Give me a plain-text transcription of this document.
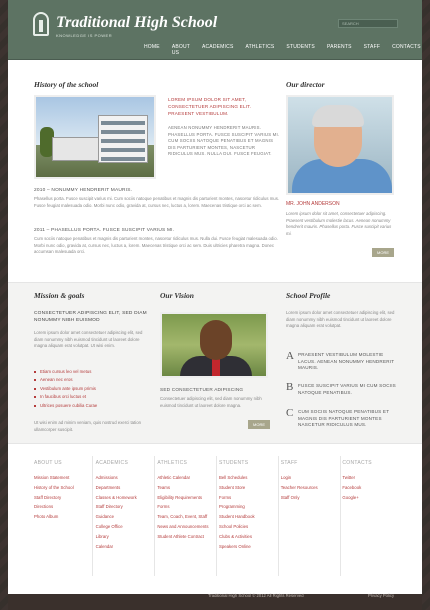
Traditional High School
KNOWLEDGE IS POWER
SEARCH
HOME	ABOUT US
ACADEMICS	ATHLETICS	STUDENTS	PARENTS	STAFF	CONTACTS
History of the school
LOREM IPSUM DOLOR SIT AMET, CONSECTETUER ADIPISCING ELIT. PRAESENT VESTIBULUM.
AENEAN NONUMMY HENDRERIT MAURIS. PHASELLUS PORTA. FUSCE SUSCIPIT VARIUS MI. CUM SOCIIS NATOQUE PENATIBUS ET MAGNIS DIS PARTURIENT MONTES, NASCETUR RIDICULUS MUS. NULLA DUI. FUSCE FEUGIAT.
2010 – NONUMMY HENDRERIT MAURIS.
Phasellus porta. Fusce suscipit varius mi. Cum sociis natoque penatibus et magnis dis parturient montes, nascetur ridiculus mus. Fusce feugiat malesuada odio. Morbi nunc odio, gravida at, cursus nec, luctus a, lorem. Maecenas tristique orci ac sem.
2011 – PHASELLUS PORTA. FUSCE SUSCIPIT VARIUS MI.
Cum sociis natoque penatibus et magnis dis parturient montes, nascetur ridiculus mus. Nulla dui. Fusce feugiat malesuada odio. Morbi nunc odio, gravida at, cursus nec, luctus a, lorem. Maecenas tristique orci ac sem. Duis ultricies pharetra magna. Donec accumsan malesuada orci.
Our director
MR. JOHN ANDERSON
Lorem ipsum dolor sit amet, consectetuer adipiscing. Praesent vestibulum molestie lacus. Aenean nonummy hendrerit mauris. Phasellus porta. Fusce suscipit varius mi.
MORE
Mission & goals
CONSECTETUER ADIPISCING ELIT, SED DIAM NONUMMY NIBH EUISMOD
Lorem ipsum dolor amet consectetuer adipiscing elit, sed diam nonummy nibh euismod tincidunt ut laoreet dolore magna aliquam erat volutpat. Ut wisi enim.
Etiam cursus leo vel metus
Aenean nec eros
Vestibulum ante ipsum primis
In faucibus orci luctus et
Ultrices posuere cubilia Curae
Ut wisi enim ad minim veniam, quis nostrud exerci tation ullamcorper suscipit.
Our Vision
SED CONSECTETUER ADIPISCING
Consectetuer adipiscing elit, sed diam nonummy nibh euismod tincidunt ut laoreet dolore magna.
MORE
School Profile
Lorem ipsum dolor amet consectetuer adipiscing elit, sed diam nonummy nibh euismod tincidunt ut laoreet dolore magna aliquam erat volutpat.
A PRAESENT VESTIBULUM MOLESTIE LACUS. AENEAN NONUMMY HENDRERIT MAURIS.
B FUSCE SUSCIPIT VARIUS MI CUM SOCIIS NATOQUE PENATIBUS.
C CUM SOCIIS NATOQUE PENATIBUS ET MAGNIS DIS PARTURIENT MONTES NASCETUR RIDICULUS MUS.
ABOUT US
Mission Statement
History of the School
Staff Directory
Directions
Photo Album
ACADEMICS
Admissions
Departments
Classes & Homework
Staff Directory
Guidance
College Office
Library
Calendar
ATHLETICS
Athletic Calendar
Teams
Eligibility Requirements
Forms
Team, Coach, Event, Staff
News and Announcements
Student Athlete Contract
STUDENTS
Bell Schedules
Student Store
Forms
Programming
Student Handbook
School Policies
Clubs & Activities
Speakers Online
STAFF
Login
Teacher Resources
Staff Only
CONTACTS
Twitter
Facebook
Google+
Traditional High School © 2012 All Rights Reserved	Privacy Policy
